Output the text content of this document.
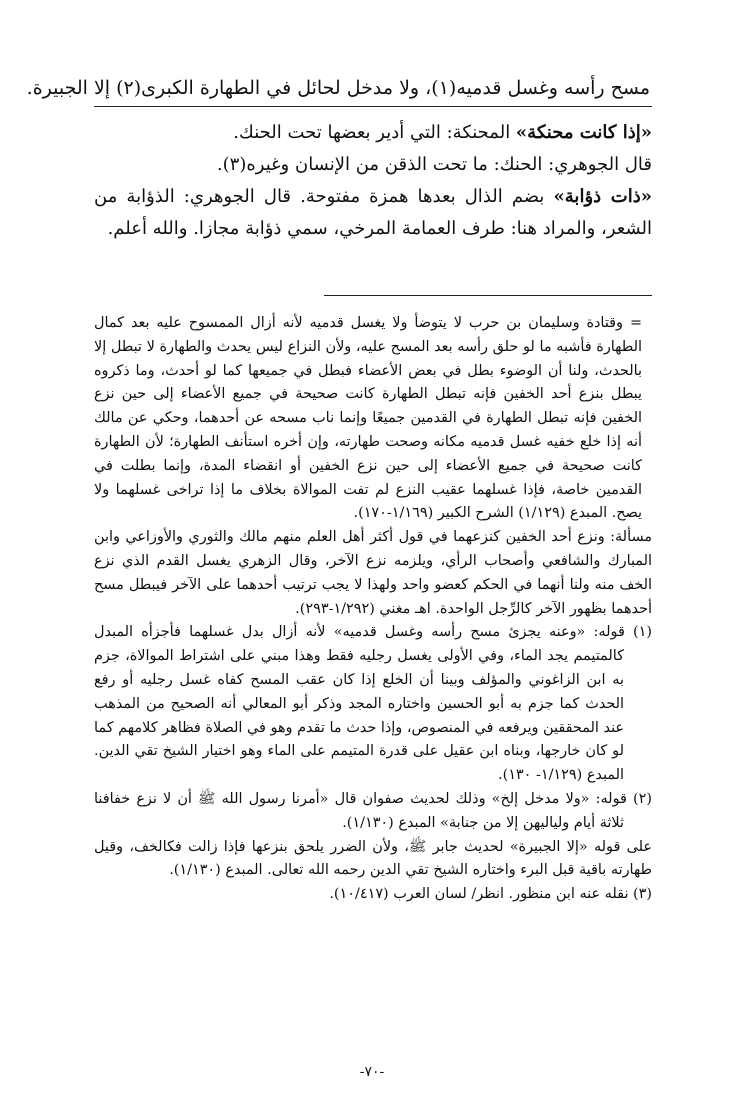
مسح رأسه وغسل قدميه(١)، ولا مدخل لحائل في الطهارة الكبرى(٢) إلا الجبيرة.

«إذا كانت محنكة» المحنكة: التي أدير بعضها تحت الحنك.

قال الجوهري: الحنك: ما تحت الذقن من الإنسان وغيره(٣).

«ذات ذؤابة» بضم الذال بعدها همزة مفتوحة. قال الجوهري: الذؤابة من الشعر، والمراد هنا: طرف العمامة المرخي، سمي ذؤابة مجازا. والله أعلم.

= وقتادة وسليمان بن حرب لا يتوضأ ولا يغسل قدميه لأنه أزال الممسوح عليه بعد كمال الطهارة فأشبه ما لو حلق رأسه بعد المسح عليه، ولأن النزاع ليس يحدث والطهارة لا تبطل إلا بالحدث، ولنا أن الوضوء بطل في بعض الأعضاء فبطل في جميعها كما لو أحدث، وما ذكروه يبطل بنزع أحد الخفين فإنه تبطل الطهارة كانت صحيحة في جميع الأعضاء إلى حين نزع الخفين فإنه تبطل الطهارة في القدمين جميعًا وإنما ناب مسحه عن أحدهما، وحكي عن مالك أنه إذا خلع خفيه غسل قدميه مكانه وصحت طهارته، وإن أخره استأنف الطهارة؛ لأن الطهارة كانت صحيحة في جميع الأعضاء إلى حين نزع الخفين أو انقضاء المدة، وإنما بطلت في القدمين خاصة، فإذا غسلهما عقيب النزع لم تفت الموالاة بخلاف ما إذا تراخى غسلهما ولا يصح. المبدع (١/١٢٩) الشرح الكبير (١/١٦٩-١٧٠).

مسألة: ونزع أحد الخفين كنزعهما في قول أكثر أهل العلم منهم مالك والثوري والأوزاعي وابن المبارك والشافعي وأصحاب الرأي، ويلزمه نزع الآخر، وقال الزهري يغسل القدم الذي نزع الخف منه ولنا أنهما في الحكم كعضو واحد ولهذا لا يجب ترتيب أحدهما على الآخر فيبطل مسح أحدهما بظهور الآخر كالرِّجل الواحدة. اهـ مغني (١/٢٩٢-٢٩٣).

(١) قوله: «وعنه يجزئ مسح رأسه وغسل قدميه» لأنه أزال بدل غسلهما فأجزأه المبدل كالمتيمم يجد الماء، وفي الأولى يغسل رجليه فقط وهذا مبني على اشتراط الموالاة، جزم به ابن الزاغوني والمؤلف وبينا أن الخلع إذا كان عقب المسح كفاه غسل رجليه أو رفع الحدث كما جزم به أبو الحسين واختاره المجد وذكر أبو المعالي أنه الصحيح من المذهب عند المحققين ويرفعه في المنصوص، وإذا حدث ما تقدم وهو في الصلاة فظاهر كلامهم كما لو كان خارجها، وبناه ابن عقيل على قدرة المتيمم على الماء وهو اختيار الشيخ تقي الدين. المبدع (١/١٢٩- ١٣٠).

(٢) قوله: «ولا مدخل إلخ» وذلك لحديث صفوان قال «أمرنا رسول الله ﷺ أن لا نزع خفافنا ثلاثة أيام ولياليهن إلا من جنابة» المبدع (١/١٣٠).

على قوله «إلا الجبيرة» لحديث جابر ﷺ، ولأن الضرر يلحق بنزعها فإذا زالت فكالخف، وقيل طهارته باقية قبل البرء واختاره الشيخ تقي الدين رحمه الله تعالى. المبدع (١/١٣٠).

(٣) نقله عنه ابن منظور. انظر/ لسان العرب (١٠/٤١٧).

-٧٠-
